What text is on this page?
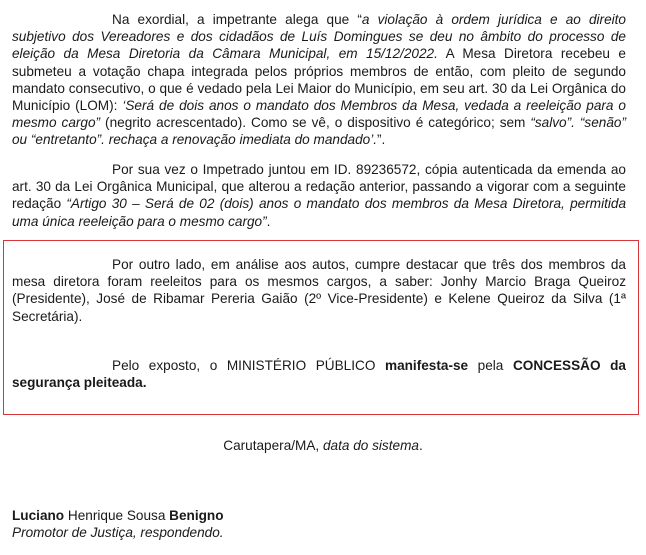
Na exordial, a impetrante alega que “a violação à ordem jurídica e ao direito subjetivo dos Vereadores e dos cidadãos de Luís Domingues se deu no âmbito do processo de eleição da Mesa Diretoria da Câmara Municipal, em 15/12/2022. A Mesa Diretora recebeu e submeteu a votação chapa integrada pelos próprios membros de então, com pleito de segundo mandato consecutivo, o que é vedado pela Lei Maior do Município, em seu art. 30 da Lei Orgânica do Município (LOM): ‘Será de dois anos o mandato dos Membros da Mesa, vedada a reeleição para o mesmo cargo” (negrito acrescentado). Como se vê, o dispositivo é categórico; sem “salvo”. “senão” ou “entretanto”. rechaça a renovação imediata do mandado’.”.

Por sua vez o Impetrado juntou em ID. 89236572, cópia autenticada da emenda ao art. 30 da Lei Orgânica Municipal, que alterou a redação anterior, passando a vigorar com a seguinte redação “Artigo 30 – Será de 02 (dois) anos o mandato dos membros da Mesa Diretora, permitida uma única reeleição para o mesmo cargo”.

Por outro lado, em análise aos autos, cumpre destacar que três dos membros da mesa diretora foram reeleitos para os mesmos cargos, a saber: Jonhy Marcio Braga Queiroz (Presidente), José de Ribamar Pereria Gaião (2º Vice-Presidente) e Kelene Queiroz da Silva (1ª Secretária).

Pelo exposto, o MINISTÉRIO PÚBLICO manifesta-se pela CONCESSÃO da segurança pleiteada.

Carutapera/MA, data do sistema.
Luciano Henrique Sousa Benigno
Promotor de Justiça, respondendo.
